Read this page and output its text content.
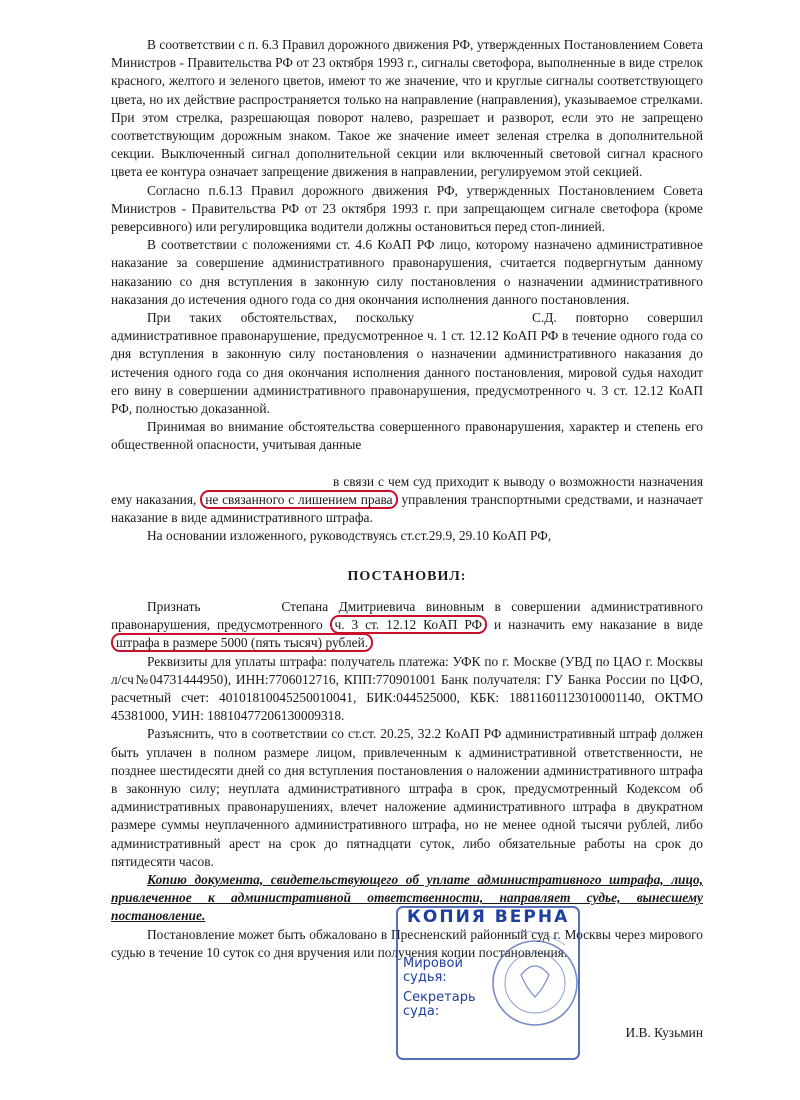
В соответствии с п. 6.3 Правил дорожного движения РФ, утвержденных Постановлением Совета Министров - Правительства РФ от 23 октября 1993 г., сигналы светофора, выполненные в виде стрелок красного, желтого и зеленого цветов, имеют то же значение, что и круглые сигналы соответствующего цвета, но их действие распространяется только на направление (направления), указываемое стрелками. При этом стрелка, разрешающая поворот налево, разрешает и разворот, если это не запрещено соответствующим дорожным знаком. Такое же значение имеет зеленая стрелка в дополнительной секции. Выключенный сигнал дополнительной секции или включенный световой сигнал красного цвета ее контура означает запрещение движения в направлении, регулируемом этой секцией.

Согласно п.6.13 Правил дорожного движения РФ, утвержденных Постановлением Совета Министров - Правительства РФ от 23 октября 1993 г. при запрещающем сигнале светофора (кроме реверсивного) или регулировщика водители должны остановиться перед стоп-линией.

В соответствии с положениями ст. 4.6 КоАП РФ лицо, которому назначено административное наказание за совершение административного правонарушения, считается подвергнутым данному наказанию со дня вступления в законную силу постановления о назначении административного наказания до истечения одного года со дня окончания исполнения данного постановления.

При таких обстоятельствах, поскольку	С.Д. повторно совершил административное правонарушение, предусмотренное ч. 1 ст. 12.12 КоАП РФ в течение одного года со дня вступления в законную силу постановления о назначении административного наказания до истечения одного года со дня окончания исполнения данного постановления, мировой судья находит его вину в совершении административного правонарушения, предусмотренного ч. 3 ст. 12.12 КоАП РФ, полностью доказанной.

Принимая во внимание обстоятельства совершенного правонарушения, характер и степень его общественной опасности, учитывая данные

в связи с чем суд приходит к выводу о возможности назначения ему наказания, не связанного с лишением права управления транспортными средствами, и назначает наказание в виде административного штрафа.

На основании изложенного, руководствуясь ст.ст.29.9, 29.10 КоАП РФ,

ПОСТАНОВИЛ:

Признать	Степана Дмитриевича виновным в совершении административного правонарушения, предусмотренного ч. 3 ст. 12.12 КоАП РФ и назначить ему наказание в виде штрафа в размере 5000 (пять тысяч) рублей.

Реквизиты для уплаты штрафа: получатель платежа: УФК по г. Москве (УВД по ЦАО г. Москвы л/сч№04731444950), ИНН:7706012716, КПП:770901001 Банк получателя: ГУ Банка России по ЦФО, расчетный счет: 40101810045250010041, БИК:044525000, КБК: 18811601123010001140, ОКТМО 45381000, УИН: 18810477206130009318.

Разъяснить, что в соответствии со ст.ст. 20.25, 32.2 КоАП РФ административный штраф должен быть уплачен в полном размере лицом, привлеченным к административной ответственности, не позднее шестидесяти дней со дня вступления постановления о наложении административного штрафа в законную силу; неуплата административного штрафа в срок, предусмотренный Кодексом об административных правонарушениях, влечет наложение административного штрафа в двукратном размере суммы неуплаченного административного штрафа, но не менее одной тысячи рублей, либо административный арест на срок до пятнадцати суток, либо обязательные работы на срок до пятидесяти часов.

Копию документа, свидетельствующего об уплате административного штрафа, лицо, привлеченное к административной ответственности, направляет судье, вынесшему постановление.

Постановление может быть обжаловано в Пресненский районный суд г. Москвы через мирового судью в течение 10 суток со дня вручения или получения копии постановления.

И.В. Кузьмин
КОПИЯ ВЕРНА
Мировой
судья:
Секретарь
суда:
